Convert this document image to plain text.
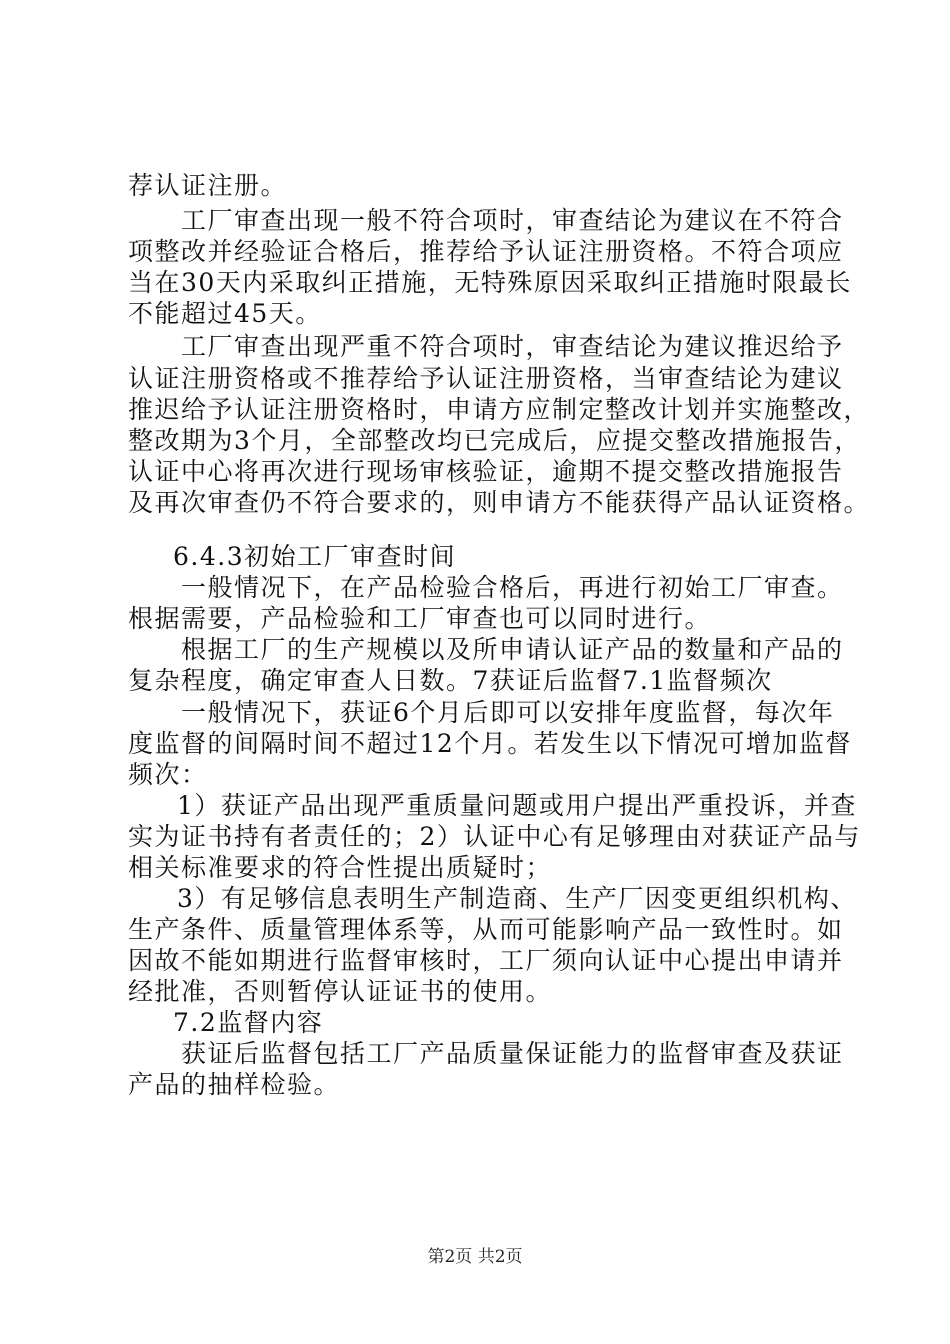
荐认证注册。

工厂审查出现一般不符合项时，审查结论为建议在不符合

项整改并经验证合格后，推荐给予认证注册资格。不符合项应

当在30天内采取纠正措施，无特殊原因采取纠正措施时限最长

不能超过45天。

工厂审查出现严重不符合项时，审查结论为建议推迟给予

认证注册资格或不推荐给予认证注册资格，当审查结论为建议

推迟给予认证注册资格时，申请方应制定整改计划并实施整改，

整改期为3个月，全部整改均已完成后，应提交整改措施报告，

认证中心将再次进行现场审核验证，逾期不提交整改措施报告

及再次审查仍不符合要求的，则申请方不能获得产品认证资格。

6.4.3初始工厂审查时间

一般情况下，在产品检验合格后，再进行初始工厂审查。

根据需要，产品检验和工厂审查也可以同时进行。

根据工厂的生产规模以及所申请认证产品的数量和产品的

复杂程度，确定审查人日数。7获证后监督7.1监督频次

一般情况下，获证6个月后即可以安排年度监督，每次年

度监督的间隔时间不超过12个月。若发生以下情况可增加监督

频次：

1）获证产品出现严重质量问题或用户提出严重投诉，并查

实为证书持有者责任的；2）认证中心有足够理由对获证产品与

相关标准要求的符合性提出质疑时；

3）有足够信息表明生产制造商、生产厂因变更组织机构、

生产条件、质量管理体系等，从而可能影响产品一致性时。如

因故不能如期进行监督审核时，工厂须向认证中心提出申请并

经批准，否则暂停认证证书的使用。

7.2监督内容

获证后监督包括工厂产品质量保证能力的监督审查及获证

产品的抽样检验。

第2页 共2页
